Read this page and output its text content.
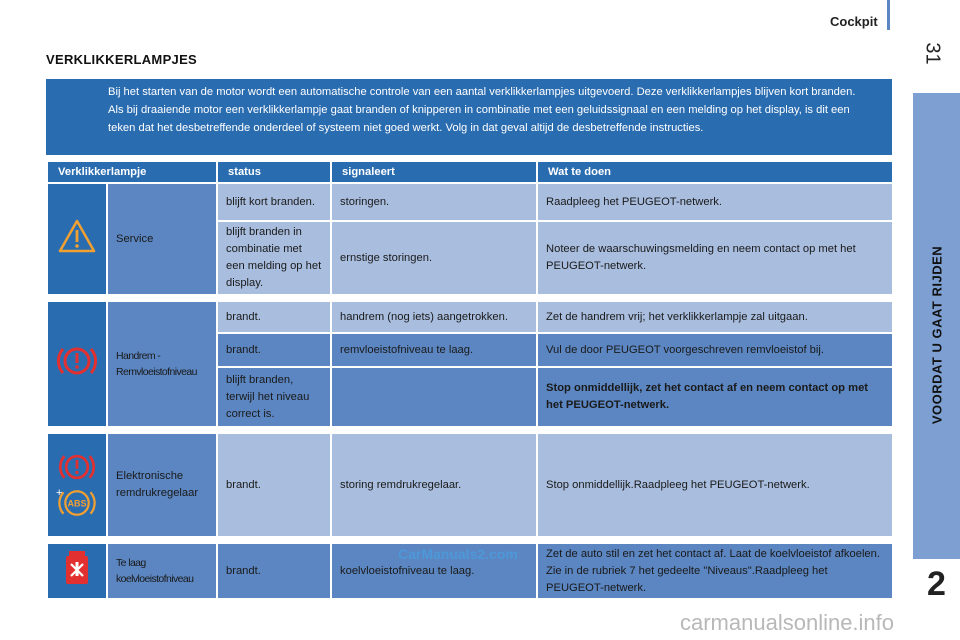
Cockpit
31
VOORDAT U GAAT RIJDEN
2
VERKLIKKERLAMPJES
Bij het starten van de motor wordt een automatische controle van een aantal verklikkerlampjes uitgevoerd. Deze verklikkerlampjes blijven kort branden. Als bij draaiende motor een verklikkerlampje gaat branden of knipperen in combinatie met een geluidssignaal en een melding op het display, is dit een teken dat het desbetreffende onderdeel of systeem niet goed werkt. Volg in dat geval altijd de desbetreffende instructies.
Verklikkerlampje		status	signaleert	Wat te doen
	Service	blijft kort branden.	storingen.	Raadpleeg het PEUGEOT-netwerk.
		blijft branden in combinatie met een melding op het display.	ernstige storingen.	Noteer de waarschuwingsmelding en neem contact op met het PEUGEOT-netwerk.

	Handrem - Remvloeistofniveau	brandt.	handrem (nog iets) aangetrokken.	Zet de handrem vrij; het verklikkerlampje zal uitgaan.
		brandt.	remvloeistofniveau te laag.	Vul de door PEUGEOT voorgeschreven remvloeistof bij.
		blijft branden, terwijl het niveau correct is.		Stop onmiddellijk, zet het contact af en neem contact op met het PEUGEOT-netwerk.

+
ABS	Elektronische remdrukregelaar	brandt.	storing remdrukregelaar.	Stop onmiddellijk.Raadpleeg het PEUGEOT-netwerk.

	Te laag koelvloeistofniveau	brandt.	koelvloeistofniveau te laag.	Zet de auto stil en zet het contact af. Laat de koelvloeistof afkoelen. Zie in de rubriek 7 het gedeelte "Niveaus".Raadpleeg het PEUGEOT-netwerk.
CarManuals2.com
carmanualsonline.info
